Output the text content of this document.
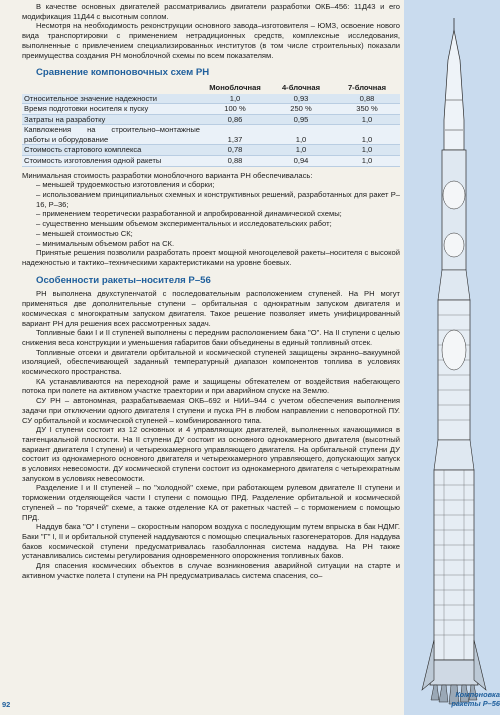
В качестве основных двигателей рассматривались двигатели разработки ОКБ–456: 11Д43 и его модификация 11Д44 с высотным соплом.

Несмотря на необходимость реконструкции основного завода–изготовителя – ЮМЗ, освоение нового вида транспортировки с применением нетрадиционных средств, комплексные исследования, выполненные с привлечением специализированных институтов (в том числе строительных) показали преимущества создания РН моноблочной схемы по всем показателям.

Сравнение компоновочных схем РН
	Моноблочная	4-блочная	7-блочная
Относительное значение надежности	1,0	0,93	0,88
Время подготовки носителя к пуску	100 %	250 %	350 %
Затраты на разработку	0,86	0,95	1,0
Капвложения на строительно–монтажные работы и оборудование	1,37	1,0	1,0
Стоимость стартового комплекса	0,78	1,0	1,0
Стоимость изготовления одной ракеты	0,88	0,94	1,0

Минимальная стоимость разработки моноблочного варианта РН обеспечивалась:

– меньшей трудоемкостью изготовления и сборки;
– использованием принципиальных схемных и конструктивных решений, разработанных для ракет Р–16, Р–36;
– применением теоретически разработанной и апробированной динамической схемы;
– существенно меньшим объемом экспериментальных и исследовательских работ;
– меньшей стоимостью СК;
– минимальным объемом работ на СК.

Принятые решения позволили разработать проект мощной многоцелевой ракеты–носителя с высокой надежностью и тактико–техническими характеристиками на уровне боевых.

Особенности ракеты–носителя Р–56

РН выполнена двухступенчатой с последовательным расположением ступеней. На РН могут применяться две дополнительные ступени – орбитальная с однократным запуском двигателя и космическая с многократным запуском двигателя. Такое решение позволяет иметь унифицированный вариант РН для решения всех рассмотренных задач.

Топливные баки I и II ступеней выполнены с передним расположением бака "О". На II ступени с целью снижения веса конструкции и уменьшения габаритов баки объединены в единый топливный отсек.

Топливные отсеки и двигатели орбитальной и космической ступеней защищены экранно–вакуумной изоляцией, обеспечивающей заданный температурный диапазон компонентов топлива в условиях космического пространства.

КА устанавливаются на переходной раме и защищены обтекателем от воздействия набегающего потока при полете на активном участке траектории и при аварийном спуске на Землю.

СУ РН – автономная, разрабатываемая ОКБ–692 и НИИ–944 с учетом обеспечения выполнения задачи при отключении одного двигателя I ступени и пуска РН в любом направлении с неповоротной ПУ. СУ орбитальной и космической ступеней – комбинированного типа.

ДУ I ступени состоит из 12 основных и 4 управляющих двигателей, выполненных качающимися в тангенциальной плоскости. На II ступени ДУ состоит из основного однокамерного двигателя (высотный вариант двигателя I ступени) и четырехкамерного управляющего двигателя. На орбитальной ступени ДУ состоит из однокамерного основного двигателя и четырехкамерного управляющего, допускающих запуск в условиях невесомости. ДУ космической ступени состоит из однокамерного двигателя с четырехкратным запуском в условиях невесомости.

Разделение I и II ступеней – по "холодной" схеме, при работающем рулевом двигателе II ступени и торможении отделяющейся части I ступени с помощью ПРД. Разделение орбитальной и космической ступеней – по "горячей" схеме, а также отделение КА от ракетных частей – с торможением с помощью ПРД.

Наддув бака "О" I ступени – скоростным напором воздуха с последующим путем впрыска в бак НДМГ. Баки "Г" I, II и орбитальной ступеней наддуваются с помощью специальных газогенераторов. Для наддува баков космической ступени предусматривалась газобаллонная система наддува. На РН также устанавливались системы регулирования одновременного опорожнения топливных баков.

Для спасения космических объектов в случае возникновения аварийной ситуации на старте и активном участке полета I ступени на РН предусматривалась система спасения, со–

Компоновка ракеты Р–56
92
